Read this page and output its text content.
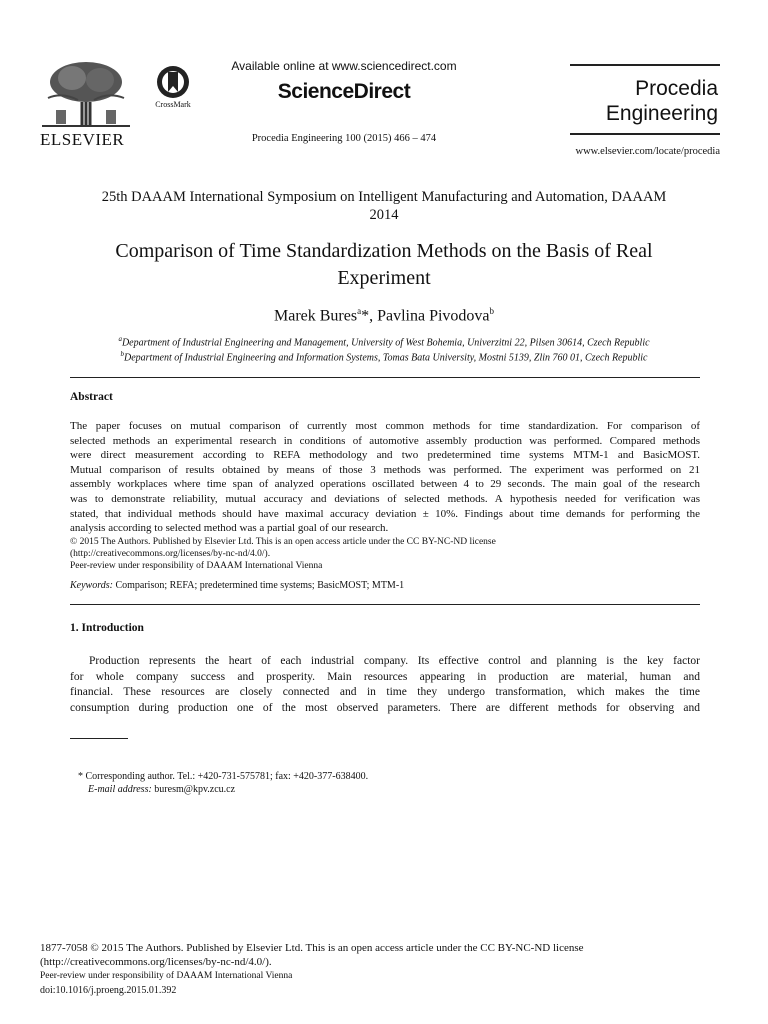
ELSEVIER
CrossMark
Available online at www.sciencedirect.com
ScienceDirect
Procedia Engineering 100 (2015) 466 – 474
Procedia
Engineering
www.elsevier.com/locate/procedia
25th DAAAM International Symposium on Intelligent Manufacturing and Automation, DAAAM
2014
Comparison of Time Standardization Methods on the Basis of Real
Experiment
Marek Bures$^a$*, Pavlina Pivodova$^b$
$^a$Department of Industrial Engineering and Management, University of West Bohemia, Univerzitni 22, Pilsen 30614, Czech Republic
$^b$Department of Industrial Engineering and Information Systems, Tomas Bata University, Mostni 5139, Zlin 760 01, Czech Republic
Abstract
The paper focuses on mutual comparison of currently most common methods for time standardization. For comparison of
selected methods an experimental research in conditions of automotive assembly production was performed. Compared methods
were direct measurement according to REFA methodology and two predetermined time systems MTM-1 and BasicMOST.
Mutual comparison of results obtained by means of those 3 methods was performed. The experiment was performed on 21
assembly workplaces where time span of analyzed operations oscillated between 4 to 29 seconds. The main goal of the research
was to demonstrate reliability, mutual accuracy and deviations of selected methods. A hypothesis needed for verification was
stated, that individual methods should have maximal accuracy deviation ± 10%. Findings about time demands for performing the
analysis according to selected method was a partial goal of our research.
© 2015 The Authors. Published by Elsevier Ltd. This is an open access article under the CC BY-NC-ND license
(http://creativecommons.org/licenses/by-nc-nd/4.0/).
Peer-review under responsibility of DAAAM International Vienna
Keywords: Comparison; REFA; predetermined time systems; BasicMOST; MTM-1
1. Introduction
Production represents the heart of each industrial company. Its effective control and planning is the key factor
for whole company success and prosperity. Main resources appearing in production are material, human and
financial. These resources are closely connected and in time they undergo transformation, which makes the time
consumption during production one of the most observed parameters. There are different methods for observing and
* Corresponding author. Tel.: +420-731-575781; fax: +420-377-638400.
E-mail address: buresm@kpv.zcu.cz
1877-7058 © 2015 The Authors. Published by Elsevier Ltd. This is an open access article under the CC BY-NC-ND license
(http://creativecommons.org/licenses/by-nc-nd/4.0/).
Peer-review under responsibility of DAAAM International Vienna
doi:10.1016/j.proeng.2015.01.392
